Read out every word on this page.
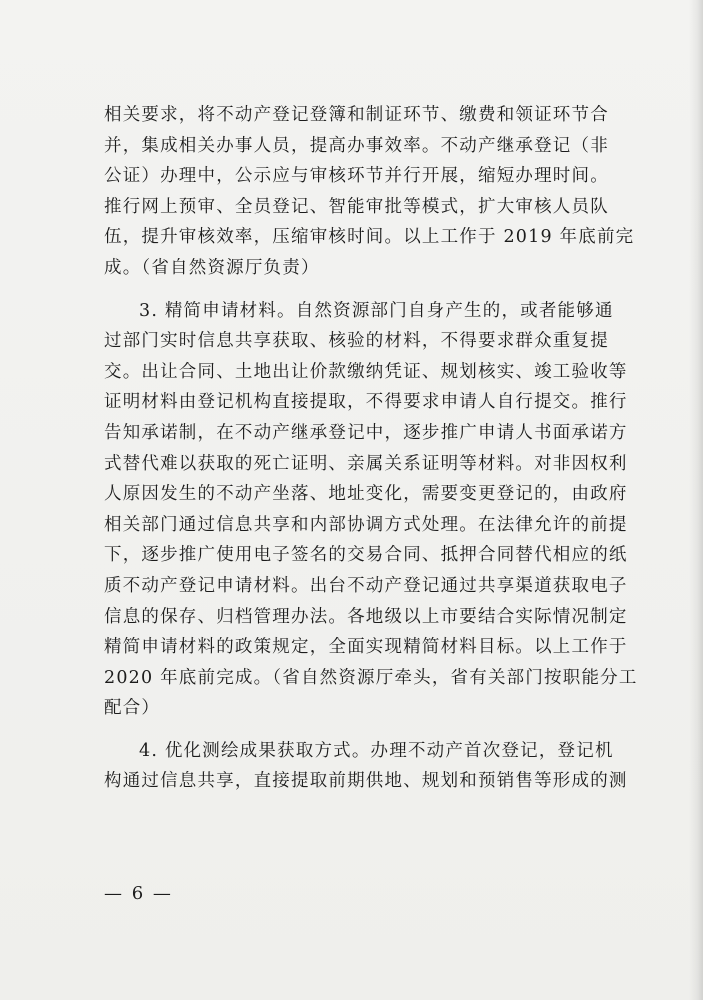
相关要求，将不动产登记登簿和制证环节、缴费和领证环节合
并，集成相关办事人员，提高办事效率。不动产继承登记（非
公证）办理中，公示应与审核环节并行开展，缩短办理时间。
推行网上预审、全员登记、智能审批等模式，扩大审核人员队
伍，提升审核效率，压缩审核时间。以上工作于 2019 年底前完
成。（省自然资源厅负责）
3. 精简申请材料。自然资源部门自身产生的，或者能够通
过部门实时信息共享获取、核验的材料，不得要求群众重复提
交。出让合同、土地出让价款缴纳凭证、规划核实、竣工验收等
证明材料由登记机构直接提取，不得要求申请人自行提交。推行
告知承诺制，在不动产继承登记中，逐步推广申请人书面承诺方
式替代难以获取的死亡证明、亲属关系证明等材料。对非因权利
人原因发生的不动产坐落、地址变化，需要变更登记的，由政府
相关部门通过信息共享和内部协调方式处理。在法律允许的前提
下，逐步推广使用电子签名的交易合同、抵押合同替代相应的纸
质不动产登记申请材料。出台不动产登记通过共享渠道获取电子
信息的保存、归档管理办法。各地级以上市要结合实际情况制定
精简申请材料的政策规定，全面实现精简材料目标。以上工作于
2020 年底前完成。（省自然资源厅牵头，省有关部门按职能分工
配合）
4. 优化测绘成果获取方式。办理不动产首次登记，登记机
构通过信息共享，直接提取前期供地、规划和预销售等形成的测
— 6 —
